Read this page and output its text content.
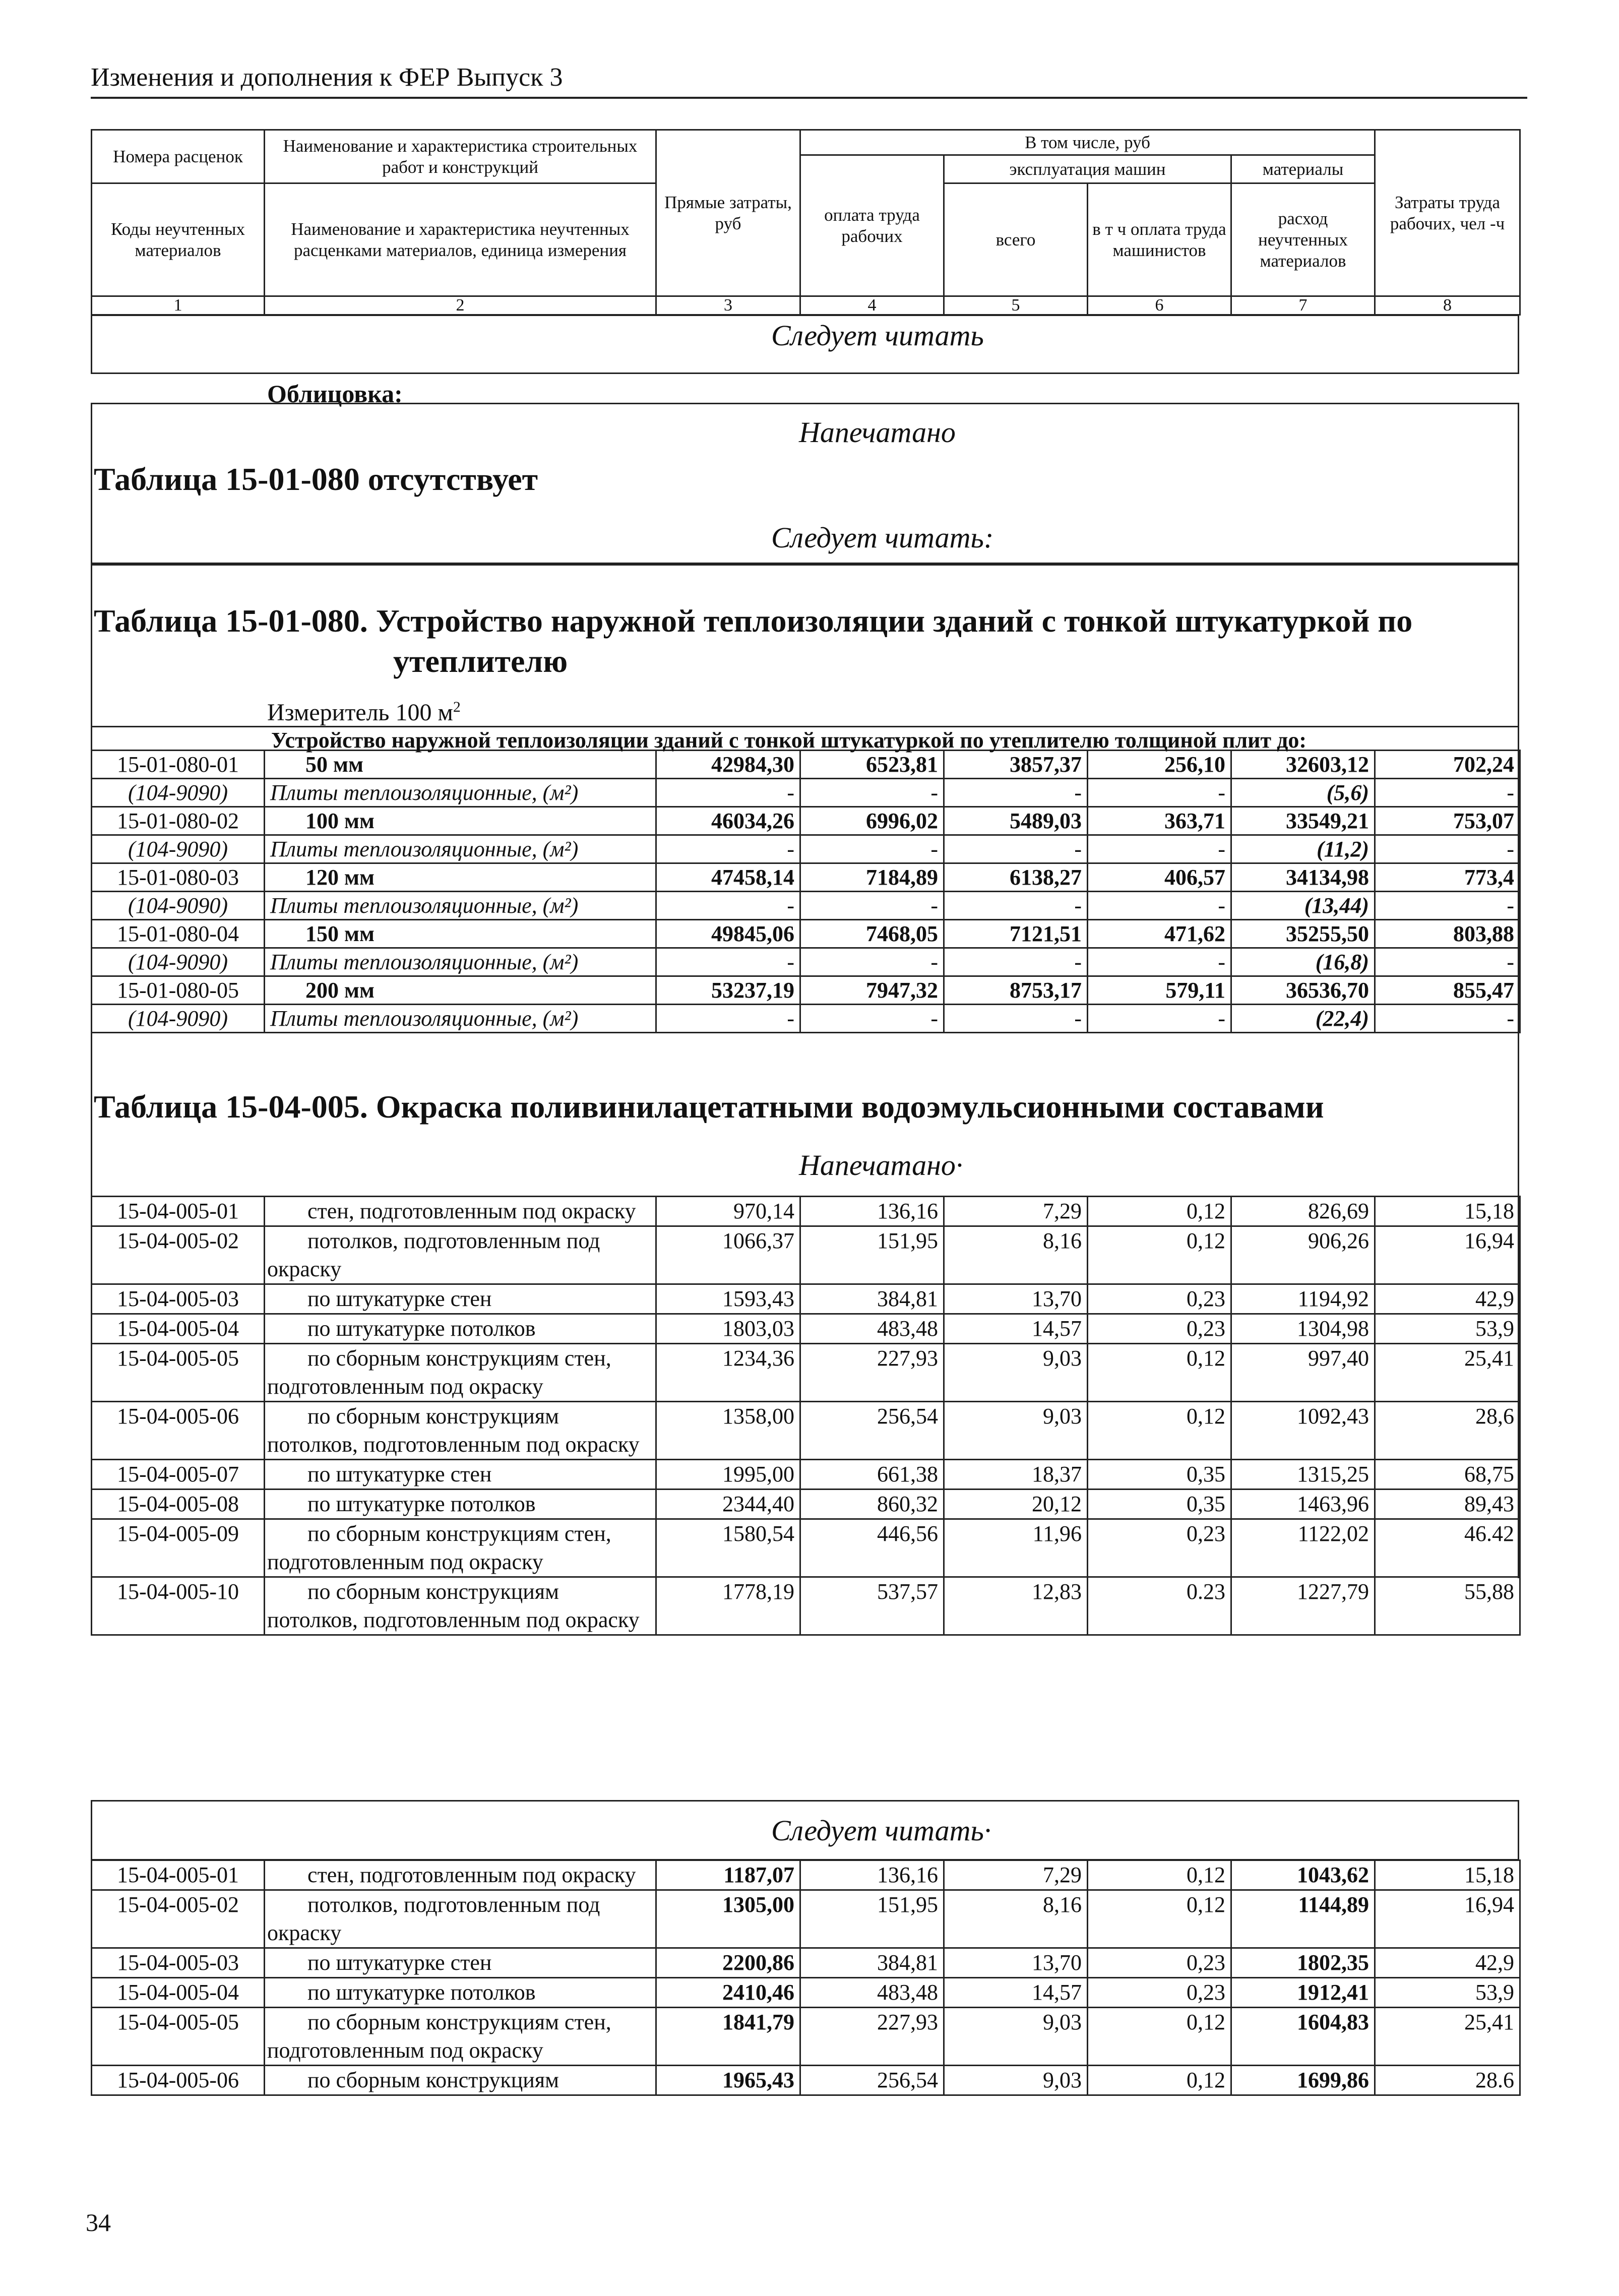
Изменения и дополнения к ФЕР Выпуск 3
Номера расценок	Наименование и характеристика строительных работ и конструкций	Прямые затраты, руб	В том числе, руб				Затраты труда рабочих, чел -ч
			оплата труда рабочих	эксплуатация машин		материалы	
Коды неучтенных материалов	Наименование и характеристика неучтенных расценками материалов, единица измерения			всего	в т ч оплата труда машинистов	расход неучтенных материалов	

1	2	3	4	5	6	7	8
Следует читать
Облицовка:
Напечатано
Таблица 15-01-080 отсутствует
Следует читать:
Таблица 15-01-080. Устройство наружной теплоизоляции зданий с тонкой штукатуркой по
утеплителю
Измеритель 100 $м^2$

15-01-080-01	50 мм	42984,30	6523,81	3857,37	256,10	32603,12	702,24
(104-9090)	Плиты теплоизоляционные, (м²)	-	-	-	-	(5,6)	-
15-01-080-02	100 мм	46034,26	6996,02	5489,03	363,71	33549,21	753,07
(104-9090)	Плиты теплоизоляционные, (м²)	-	-	-	-	(11,2)	-
15-01-080-03	120 мм	47458,14	7184,89	6138,27	406,57	34134,98	773,4
(104-9090)	Плиты теплоизоляционные, (м²)	-	-	-	-	(13,44)	-
15-01-080-04	150 мм	49845,06	7468,05	7121,51	471,62	35255,50	803,88
(104-9090)	Плиты теплоизоляционные, (м²)	-	-	-	-	(16,8)	-
15-01-080-05	200 мм	53237,19	7947,32	8753,17	579,11	36536,70	855,47
(104-9090)	Плиты теплоизоляционные, (м²)	-	-	-	-	(22,4)	-
Устройство наружной теплоизоляции зданий с тонкой штукатуркой по утеплителю толщиной плит до:
Таблица 15-04-005. Окраска поливинилацетатными водоэмульсионными составами
Напечатано·
15-04-005-01	стен, подготовленным под окраску	970,14	136,16	7,29	0,12	826,69	15,18
15-04-005-02	потолков, подготовленным под окраску	1066,37	151,95	8,16	0,12	906,26	16,94
15-04-005-03	по штукатурке стен	1593,43	384,81	13,70	0,23	1194,92	42,9
15-04-005-04	по штукатурке потолков	1803,03	483,48	14,57	0,23	1304,98	53,9
15-04-005-05	по сборным конструкциям стен, подготовленным под окраску	1234,36	227,93	9,03	0,12	997,40	25,41
15-04-005-06	по сборным конструкциям потолков, подготовленным под окраску	1358,00	256,54	9,03	0,12	1092,43	28,6
15-04-005-07	по штукатурке стен	1995,00	661,38	18,37	0,35	1315,25	68,75
15-04-005-08	по штукатурке потолков	2344,40	860,32	20,12	0,35	1463,96	89,43
15-04-005-09	по сборным конструкциям стен, подготовленным под окраску	1580,54	446,56	11,96	0,23	1122,02	46.42
15-04-005-10	по сборным конструкциям потолков, подготовленным под окраску	1778,19	537,57	12,83	0.23	1227,79	55,88
Следует читать·
15-04-005-01	стен, подготовленным под окраску	1187,07	136,16	7,29	0,12	1043,62	15,18
15-04-005-02	потолков, подготовленным под окраску	1305,00	151,95	8,16	0,12	1144,89	16,94
15-04-005-03	по штукатурке стен	2200,86	384,81	13,70	0,23	1802,35	42,9
15-04-005-04	по штукатурке потолков	2410,46	483,48	14,57	0,23	1912,41	53,9
15-04-005-05	по сборным конструкциям стен, подготовленным под окраску	1841,79	227,93	9,03	0,12	1604,83	25,41
15-04-005-06	по сборным конструкциям	1965,43	256,54	9,03	0,12	1699,86	28.6
34
